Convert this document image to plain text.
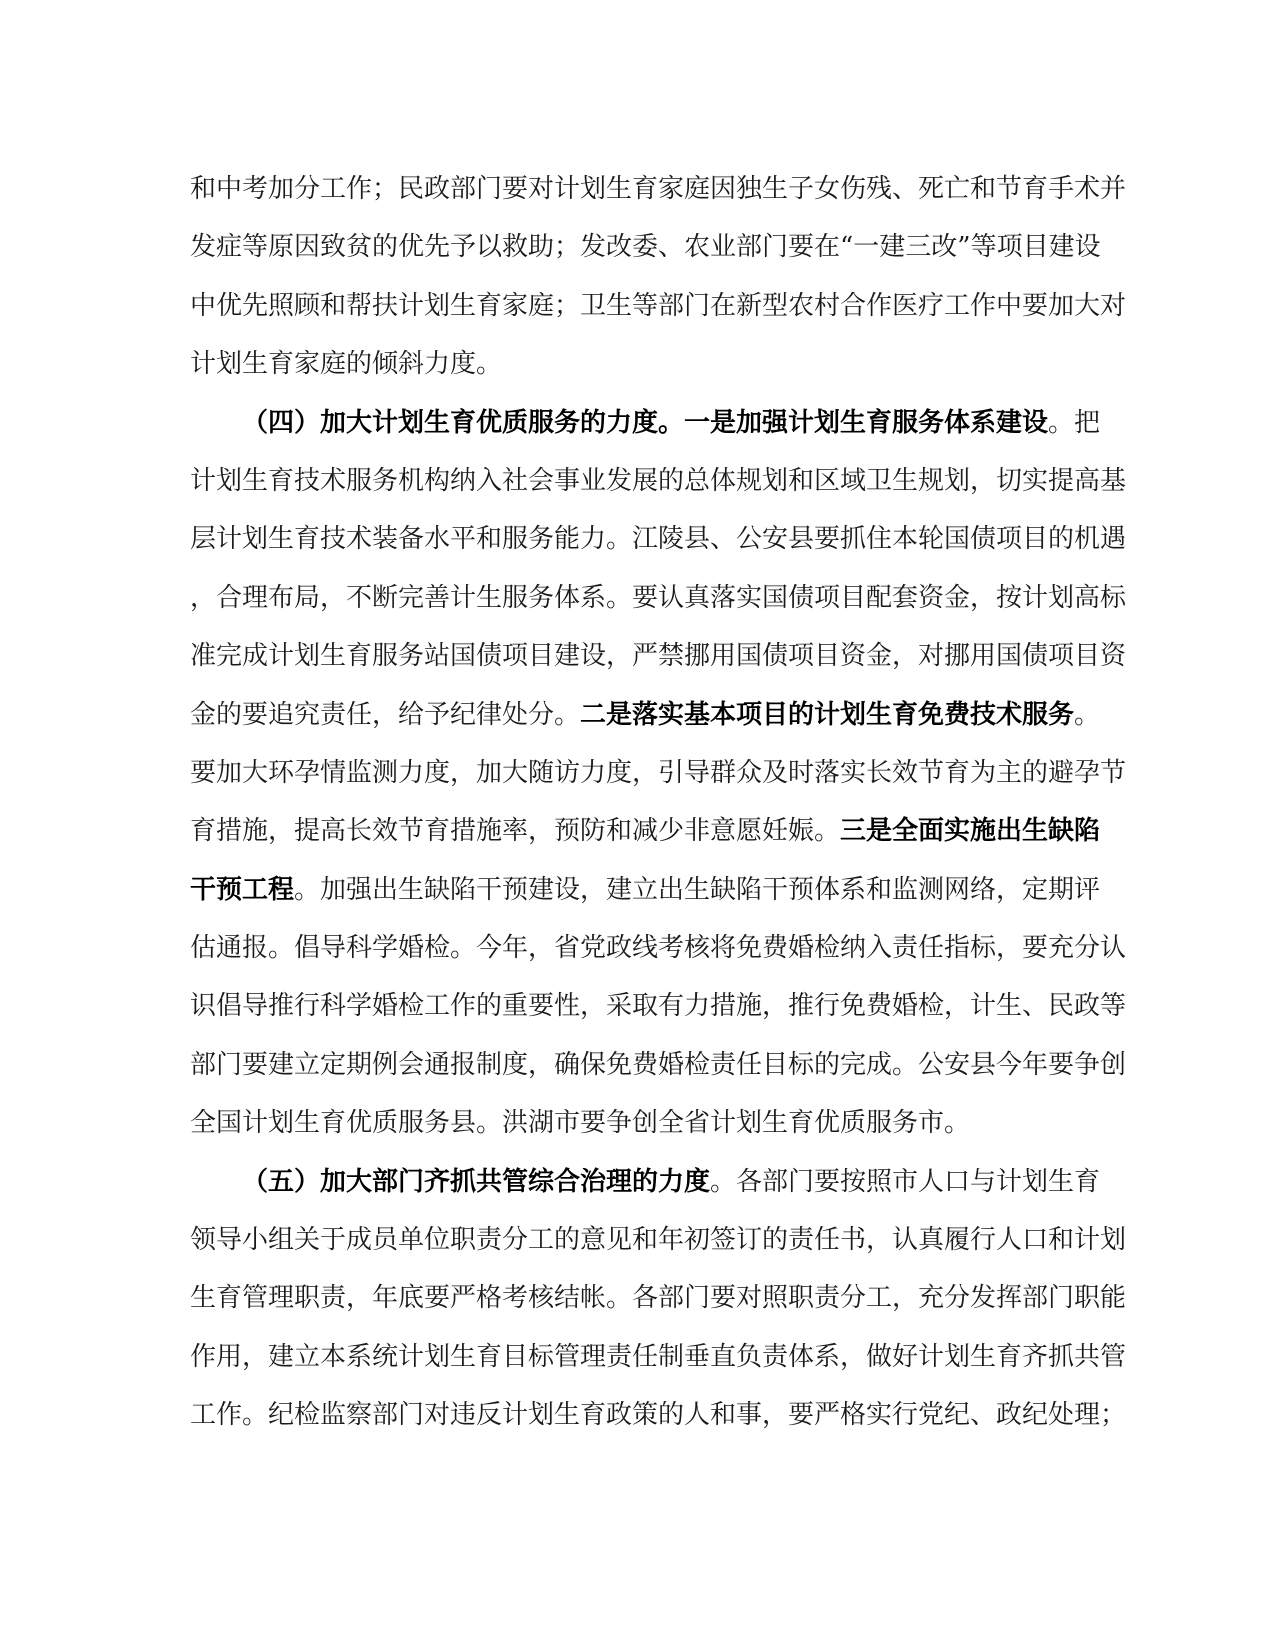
和中考加分工作；民政部门要对计划生育家庭因独生子女伤残、死亡和节育手术并
发症等原因致贫的优先予以救助；发改委、农业部门要在“一建三改”等项目建设
中优先照顾和帮扶计划生育家庭；卫生等部门在新型农村合作医疗工作中要加大对
计划生育家庭的倾斜力度。
（四）加大计划生育优质服务的力度。一是加强计划生育服务体系建设。把
计划生育技术服务机构纳入社会事业发展的总体规划和区域卫生规划，切实提高基
层计划生育技术装备水平和服务能力。江陵县、公安县要抓住本轮国债项目的机遇
，合理布局，不断完善计生服务体系。要认真落实国债项目配套资金，按计划高标
准完成计划生育服务站国债项目建设，严禁挪用国债项目资金，对挪用国债项目资
金的要追究责任，给予纪律处分。二是落实基本项目的计划生育免费技术服务。
要加大环孕情监测力度，加大随访力度，引导群众及时落实长效节育为主的避孕节
育措施，提高长效节育措施率，预防和减少非意愿妊娠。三是全面实施出生缺陷
干预工程。加强出生缺陷干预建设，建立出生缺陷干预体系和监测网络，定期评
估通报。倡导科学婚检。今年，省党政线考核将免费婚检纳入责任指标，要充分认
识倡导推行科学婚检工作的重要性，采取有力措施，推行免费婚检，计生、民政等
部门要建立定期例会通报制度，确保免费婚检责任目标的完成。公安县今年要争创
全国计划生育优质服务县。洪湖市要争创全省计划生育优质服务市。
（五）加大部门齐抓共管综合治理的力度。各部门要按照市人口与计划生育
领导小组关于成员单位职责分工的意见和年初签订的责任书，认真履行人口和计划
生育管理职责，年底要严格考核结帐。各部门要对照职责分工，充分发挥部门职能
作用，建立本系统计划生育目标管理责任制垂直负责体系，做好计划生育齐抓共管
工作。纪检监察部门对违反计划生育政策的人和事，要严格实行党纪、政纪处理；
